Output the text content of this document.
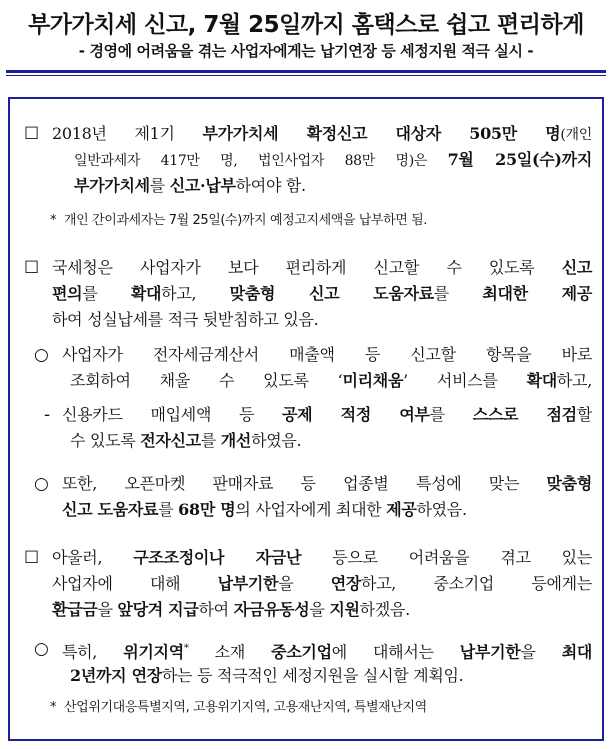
부가가치세 신고, 7월 25일까지 홈택스로 쉽고 편리하게
- 경영에 어려움을 겪는 사업자에게는 납기연장 등 세정지원 적극 실시 -
☐ 2018년 제1기 부가가치세 확정신고 대상자 505만 명(개인
일반과세자 417만 명, 법인사업자 88만 명)은 7월 25일(수)까지
부가가치세를 신고·납부하여야 함.
* 개인 간이과세자는 7월 25일(수)까지 예정고지세액을 납부하면 됨.
☐ 국세청은 사업자가 보다 편리하게 신고할 수 있도록 신고
편의를 확대하고, 맞춤형 신고 도움자료를 최대한 제공
하여 성실납세를 적극 뒷받침하고 있음.
○ 사업자가 전자세금계산서 매출액 등 신고할 항목을 바로
조회하여 채울 수 있도록 ‘미리채움’ 서비스를 확대하고,
- 신용카드 매입세액 등 공제 적정 여부를 스스로 점검할
수 있도록 전자신고를 개선하였음.
○ 또한, 오픈마켓 판매자료 등 업종별 특성에 맞는 맞춤형
신고 도움자료를 68만 명의 사업자에게 최대한 제공하였음.
☐ 아울러, 구조조정이나 자금난 등으로 어려움을 겪고 있는
사업자에 대해 납부기한을 연장하고, 중소기업 등에게는
환급금을 앞당겨 지급하여 자금유동성을 지원하겠음.
○ 특히, 위기지역* 소재 중소기업에 대해서는 납부기한을 최대
2년까지 연장하는 등 적극적인 세정지원을 실시할 계획임.
* 산업위기대응특별지역, 고용위기지역, 고용재난지역, 특별재난지역
